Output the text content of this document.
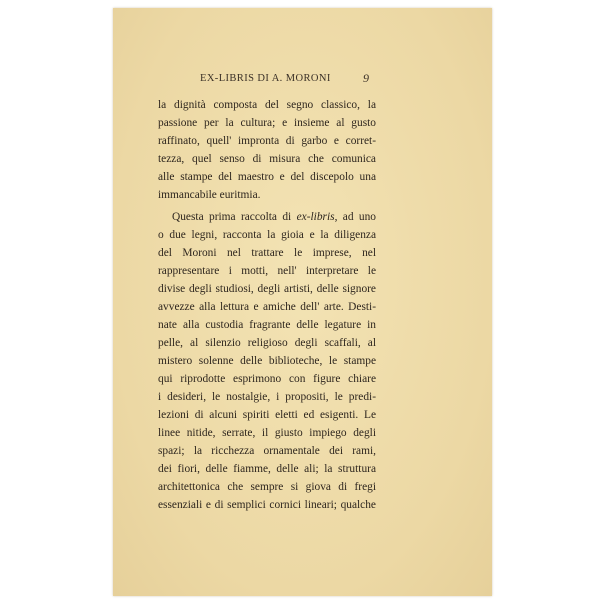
EX-LIBRIS DI A. MORONI	9
la dignità composta del segno classico, la
passione per la cultura; e insieme al gusto
raffinato, quell' impronta di garbo e corret-
tezza, quel senso di misura che comunica
alle stampe del maestro e del discepolo una
immancabile euritmia.
Questa prima raccolta di ex-libris, ad uno
o due legni, racconta la gioia e la diligenza
del Moroni nel trattare le imprese, nel
rappresentare i motti, nell' interpretare le
divise degli studiosi, degli artisti, delle signore
avvezze alla lettura e amiche dell' arte. Desti-
nate alla custodia fragrante delle legature in
pelle, al silenzio religioso degli scaffali, al
mistero solenne delle biblioteche, le stampe
qui riprodotte esprimono con figure chiare
i desideri, le nostalgie, i propositi, le predi-
lezioni di alcuni spiriti eletti ed esigenti. Le
linee nitide, serrate, il giusto impiego degli
spazi; la ricchezza ornamentale dei rami,
dei fiori, delle fiamme, delle ali; la struttura
architettonica che sempre si giova di fregi
essenziali e di semplici cornici lineari; qualche
